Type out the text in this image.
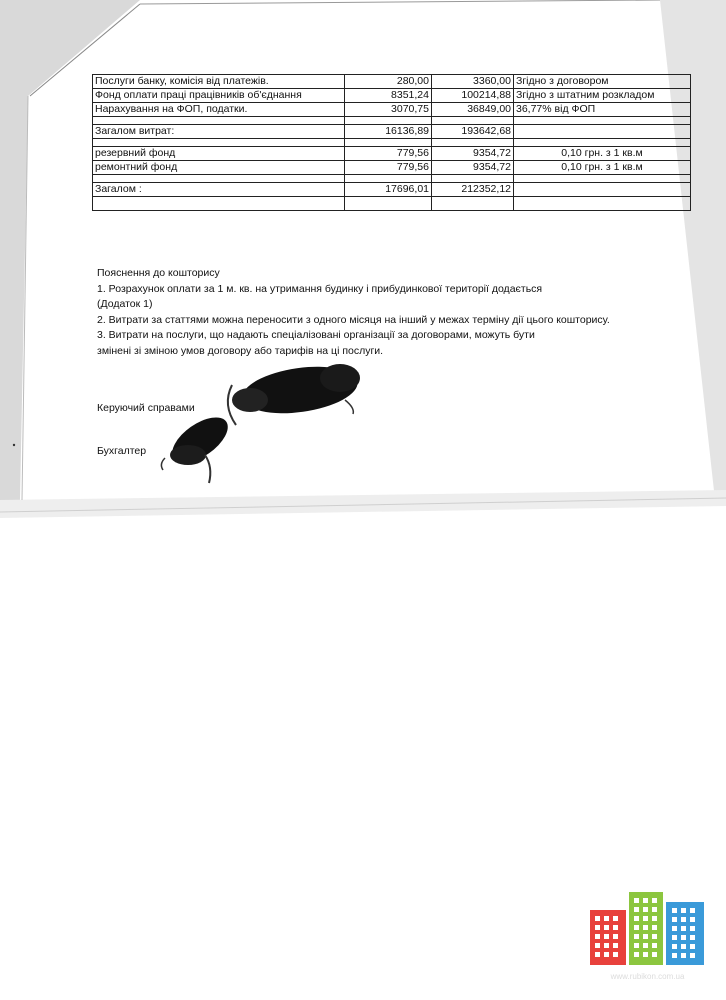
Послуги банку, комісія від платежів.	280,00	3360,00	Згідно з договором
Фонд оплати праці працівників об'єднання	8351,24	100214,88	Згідно з штатним розкладом
Нарахування на ФОП, податки.	3070,75	36849,00	36,77% від ФОП

Загалом витрат:	16136,89	193642,68	

резервний фонд	779,56	9354,72	0,10 грн. з 1 кв.м
ремонтний фонд	779,56	9354,72	0,10 грн. з 1 кв.м

Загалом :	17696,01	212352,12	

Пояснення до кошторису
1. Розрахунок оплати за 1 м. кв. на утримання будинку і прибудинкової території додається
(Додаток 1)
2. Витрати за статтями можна переносити з одного місяця на інший у межах терміну дії цього кошторису.
3. Витрати на послуги, що надають спеціалізовані організації за договорами, можуть бути
змінені зі зміною умов договору або тарифів на ці послуги.
Керуючий справами
Бухгалтер
www.rubikon.com.ua
